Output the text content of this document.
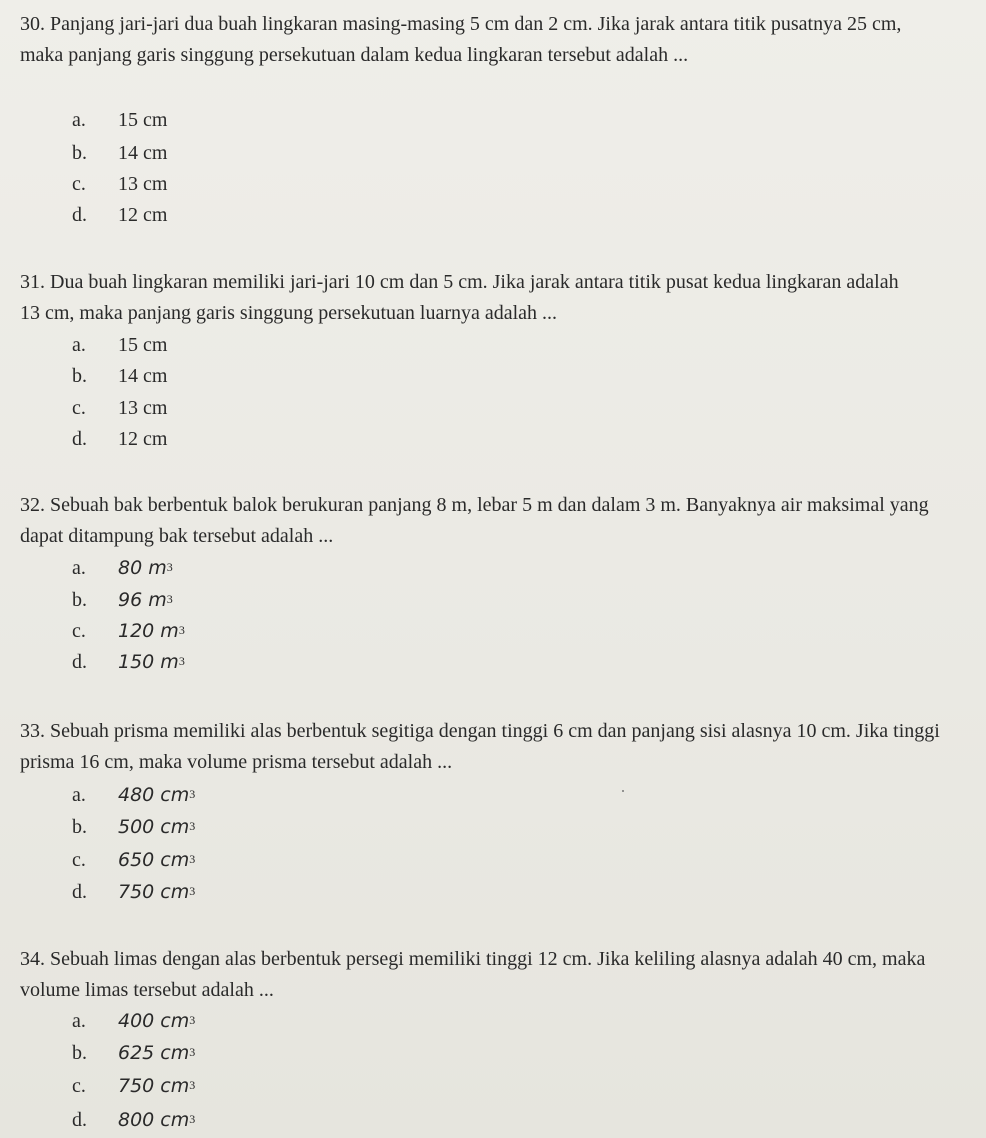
30. Panjang jari-jari dua buah lingkaran masing-masing 5 cm dan 2 cm. Jika jarak antara titik pusatnya 25 cm, maka panjang garis singgung persekutuan dalam kedua lingkaran tersebut adalah ...

a.	15 cm
b.	14 cm
c.	13 cm
d.	12 cm

31. Dua buah lingkaran memiliki jari-jari 10 cm dan 5 cm. Jika jarak antara titik pusat kedua lingkaran adalah 13 cm, maka panjang garis singgung persekutuan luarnya adalah ...

a.	15 cm
b.	14 cm
c.	13 cm
d.	12 cm

32. Sebuah bak berbentuk balok berukuran panjang 8 m, lebar 5 m dan dalam 3 m. Banyaknya air maksimal yang dapat ditampung bak tersebut adalah ...

a.	80 $m^3$
b.	96 $m^3$
c.	120 $m^3$
d.	150 $m^3$

33. Sebuah prisma memiliki alas berbentuk segitiga dengan tinggi 6 cm dan panjang sisi alasnya 10 cm. Jika tinggi prisma 16 cm, maka volume prisma tersebut adalah ...

a.	480 $cm^3$
b.	500 $cm^3$
c.	650 $cm^3$
d.	750 $cm^3$

34. Sebuah limas dengan alas berbentuk persegi memiliki tinggi 12 cm. Jika keliling alasnya adalah 40 cm, maka volume limas tersebut adalah ...

a.	400 $cm^3$
b.	625 $cm^3$
c.	750 $cm^3$
d.	800 $cm^3$
